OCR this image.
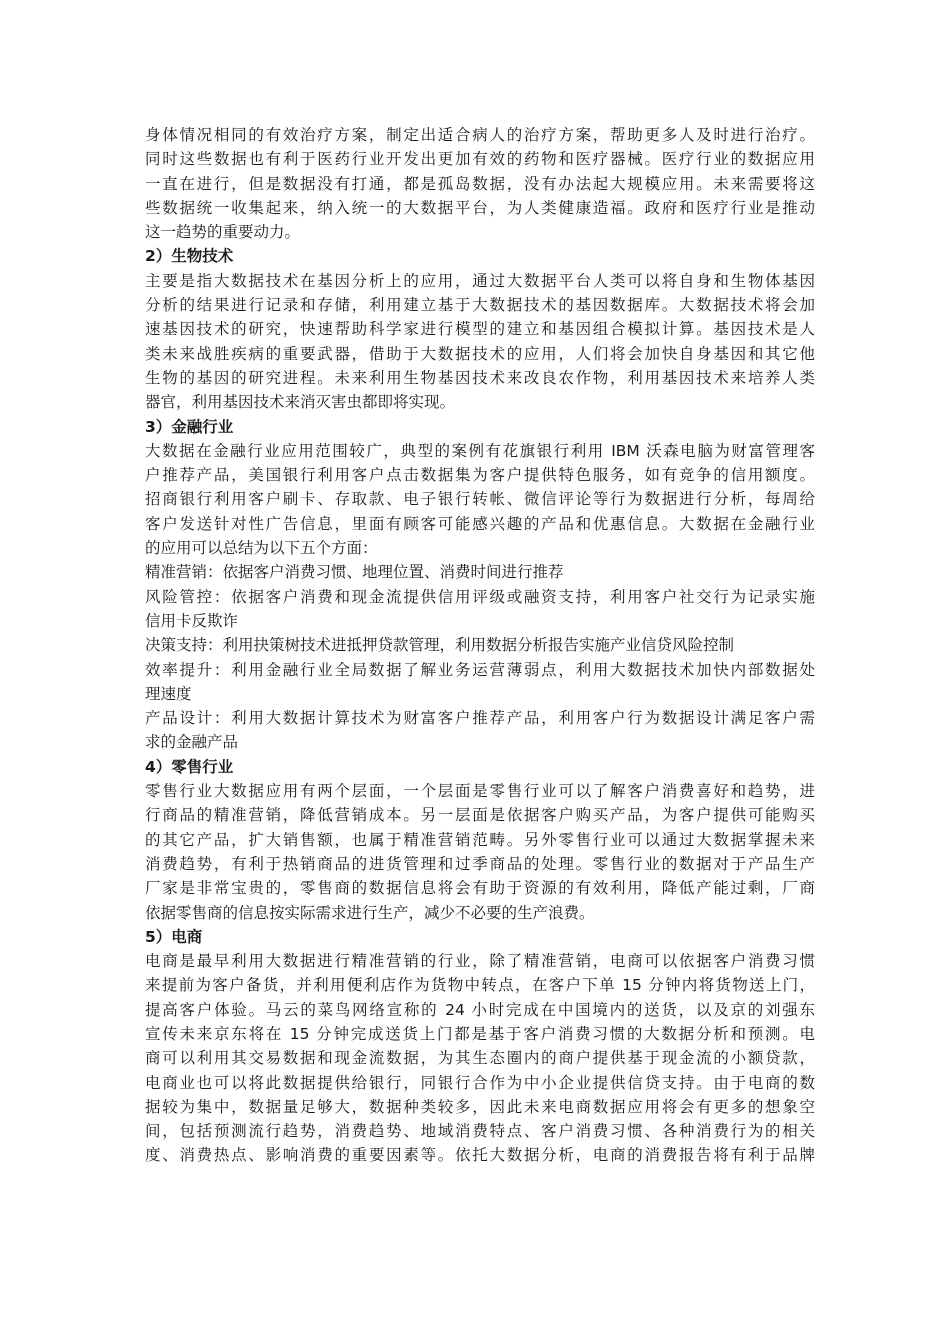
身体情况相同的有效治疗方案，制定出适合病人的治疗方案，帮助更多人及时进行治疗。
同时这些数据也有利于医药行业开发出更加有效的药物和医疗器械。医疗行业的数据应用
一直在进行，但是数据没有打通，都是孤岛数据，没有办法起大规模应用。未来需要将这
些数据统一收集起来，纳入统一的大数据平台，为人类健康造福。政府和医疗行业是推动
这一趋势的重要动力。
2）生物技术
主要是指大数据技术在基因分析上的应用，通过大数据平台人类可以将自身和生物体基因
分析的结果进行记录和存储，利用建立基于大数据技术的基因数据库。大数据技术将会加
速基因技术的研究，快速帮助科学家进行模型的建立和基因组合模拟计算。基因技术是人
类未来战胜疾病的重要武器，借助于大数据技术的应用，人们将会加快自身基因和其它他
生物的基因的研究进程。未来利用生物基因技术来改良农作物，利用基因技术来培养人类
器官，利用基因技术来消灭害虫都即将实现。
3）金融行业
大数据在金融行业应用范围较广，典型的案例有花旗银行利用 IBM 沃森电脑为财富管理客
户推荐产品，美国银行利用客户点击数据集为客户提供特色服务，如有竞争的信用额度。
招商银行利用客户刷卡、存取款、电子银行转帐、微信评论等行为数据进行分析，每周给
客户发送针对性广告信息，里面有顾客可能感兴趣的产品和优惠信息。大数据在金融行业
的应用可以总结为以下五个方面：
精准营销：依据客户消费习惯、地理位置、消费时间进行推荐
风险管控：依据客户消费和现金流提供信用评级或融资支持，利用客户社交行为记录实施
信用卡反欺诈
决策支持：利用抉策树技术进抵押贷款管理，利用数据分析报告实施产业信贷风险控制
效率提升：利用金融行业全局数据了解业务运营薄弱点，利用大数据技术加快内部数据处
理速度
产品设计：利用大数据计算技术为财富客户推荐产品，利用客户行为数据设计满足客户需
求的金融产品
4）零售行业
零售行业大数据应用有两个层面，一个层面是零售行业可以了解客户消费喜好和趋势，进
行商品的精准营销，降低营销成本。另一层面是依据客户购买产品，为客户提供可能购买
的其它产品，扩大销售额，也属于精准营销范畴。另外零售行业可以通过大数据掌握未来
消费趋势，有利于热销商品的进货管理和过季商品的处理。零售行业的数据对于产品生产
厂家是非常宝贵的，零售商的数据信息将会有助于资源的有效利用，降低产能过剩，厂商
依据零售商的信息按实际需求进行生产，减少不必要的生产浪费。
5）电商
电商是最早利用大数据进行精准营销的行业，除了精准营销，电商可以依据客户消费习惯
来提前为客户备货，并利用便利店作为货物中转点，在客户下单 15 分钟内将货物送上门，
提高客户体验。马云的菜鸟网络宣称的 24 小时完成在中国境内的送货，以及京的刘强东
宣传未来京东将在 15 分钟完成送货上门都是基于客户消费习惯的大数据分析和预测。电
商可以利用其交易数据和现金流数据，为其生态圈内的商户提供基于现金流的小额贷款，
电商业也可以将此数据提供给银行，同银行合作为中小企业提供信贷支持。由于电商的数
据较为集中，数据量足够大，数据种类较多，因此未来电商数据应用将会有更多的想象空
间，包括预测流行趋势，消费趋势、地域消费特点、客户消费习惯、各种消费行为的相关
度、消费热点、影响消费的重要因素等。依托大数据分析，电商的消费报告将有利于品牌
